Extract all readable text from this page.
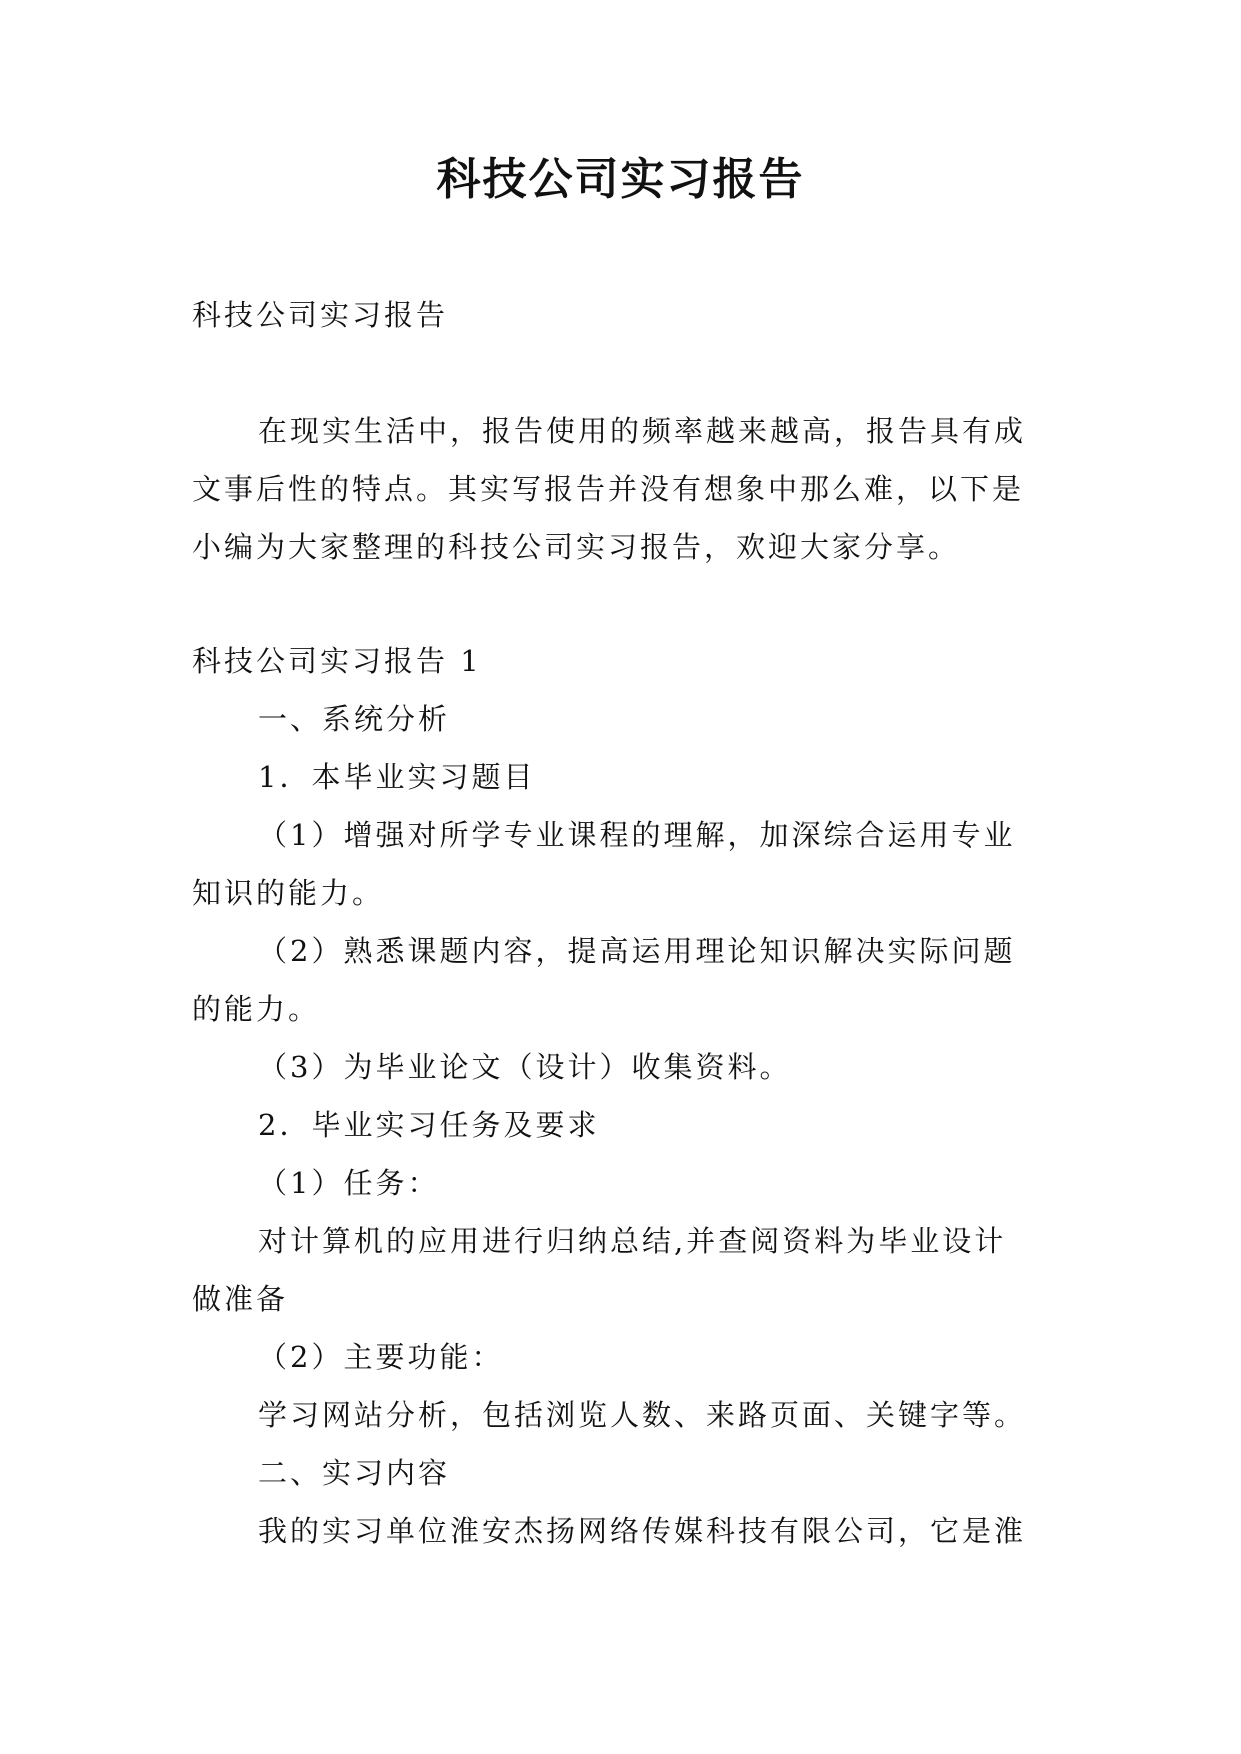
科技公司实习报告
科技公司实习报告
在现实生活中，报告使用的频率越来越高，报告具有成
文事后性的特点。其实写报告并没有想象中那么难，以下是
小编为大家整理的科技公司实习报告，欢迎大家分享。
科技公司实习报告 1
一、系统分析
1．本毕业实习题目
（1）增强对所学专业课程的理解，加深综合运用专业
知识的能力。
（2）熟悉课题内容，提高运用理论知识解决实际问题
的能力。
（3）为毕业论文（设计）收集资料。
2．毕业实习任务及要求
（1）任务：
对计算机的应用进行归纳总结,并查阅资料为毕业设计
做准备
（2）主要功能：
学习网站分析，包括浏览人数、来路页面、关键字等。
二、实习内容
我的实习单位淮安杰扬网络传媒科技有限公司，它是淮
